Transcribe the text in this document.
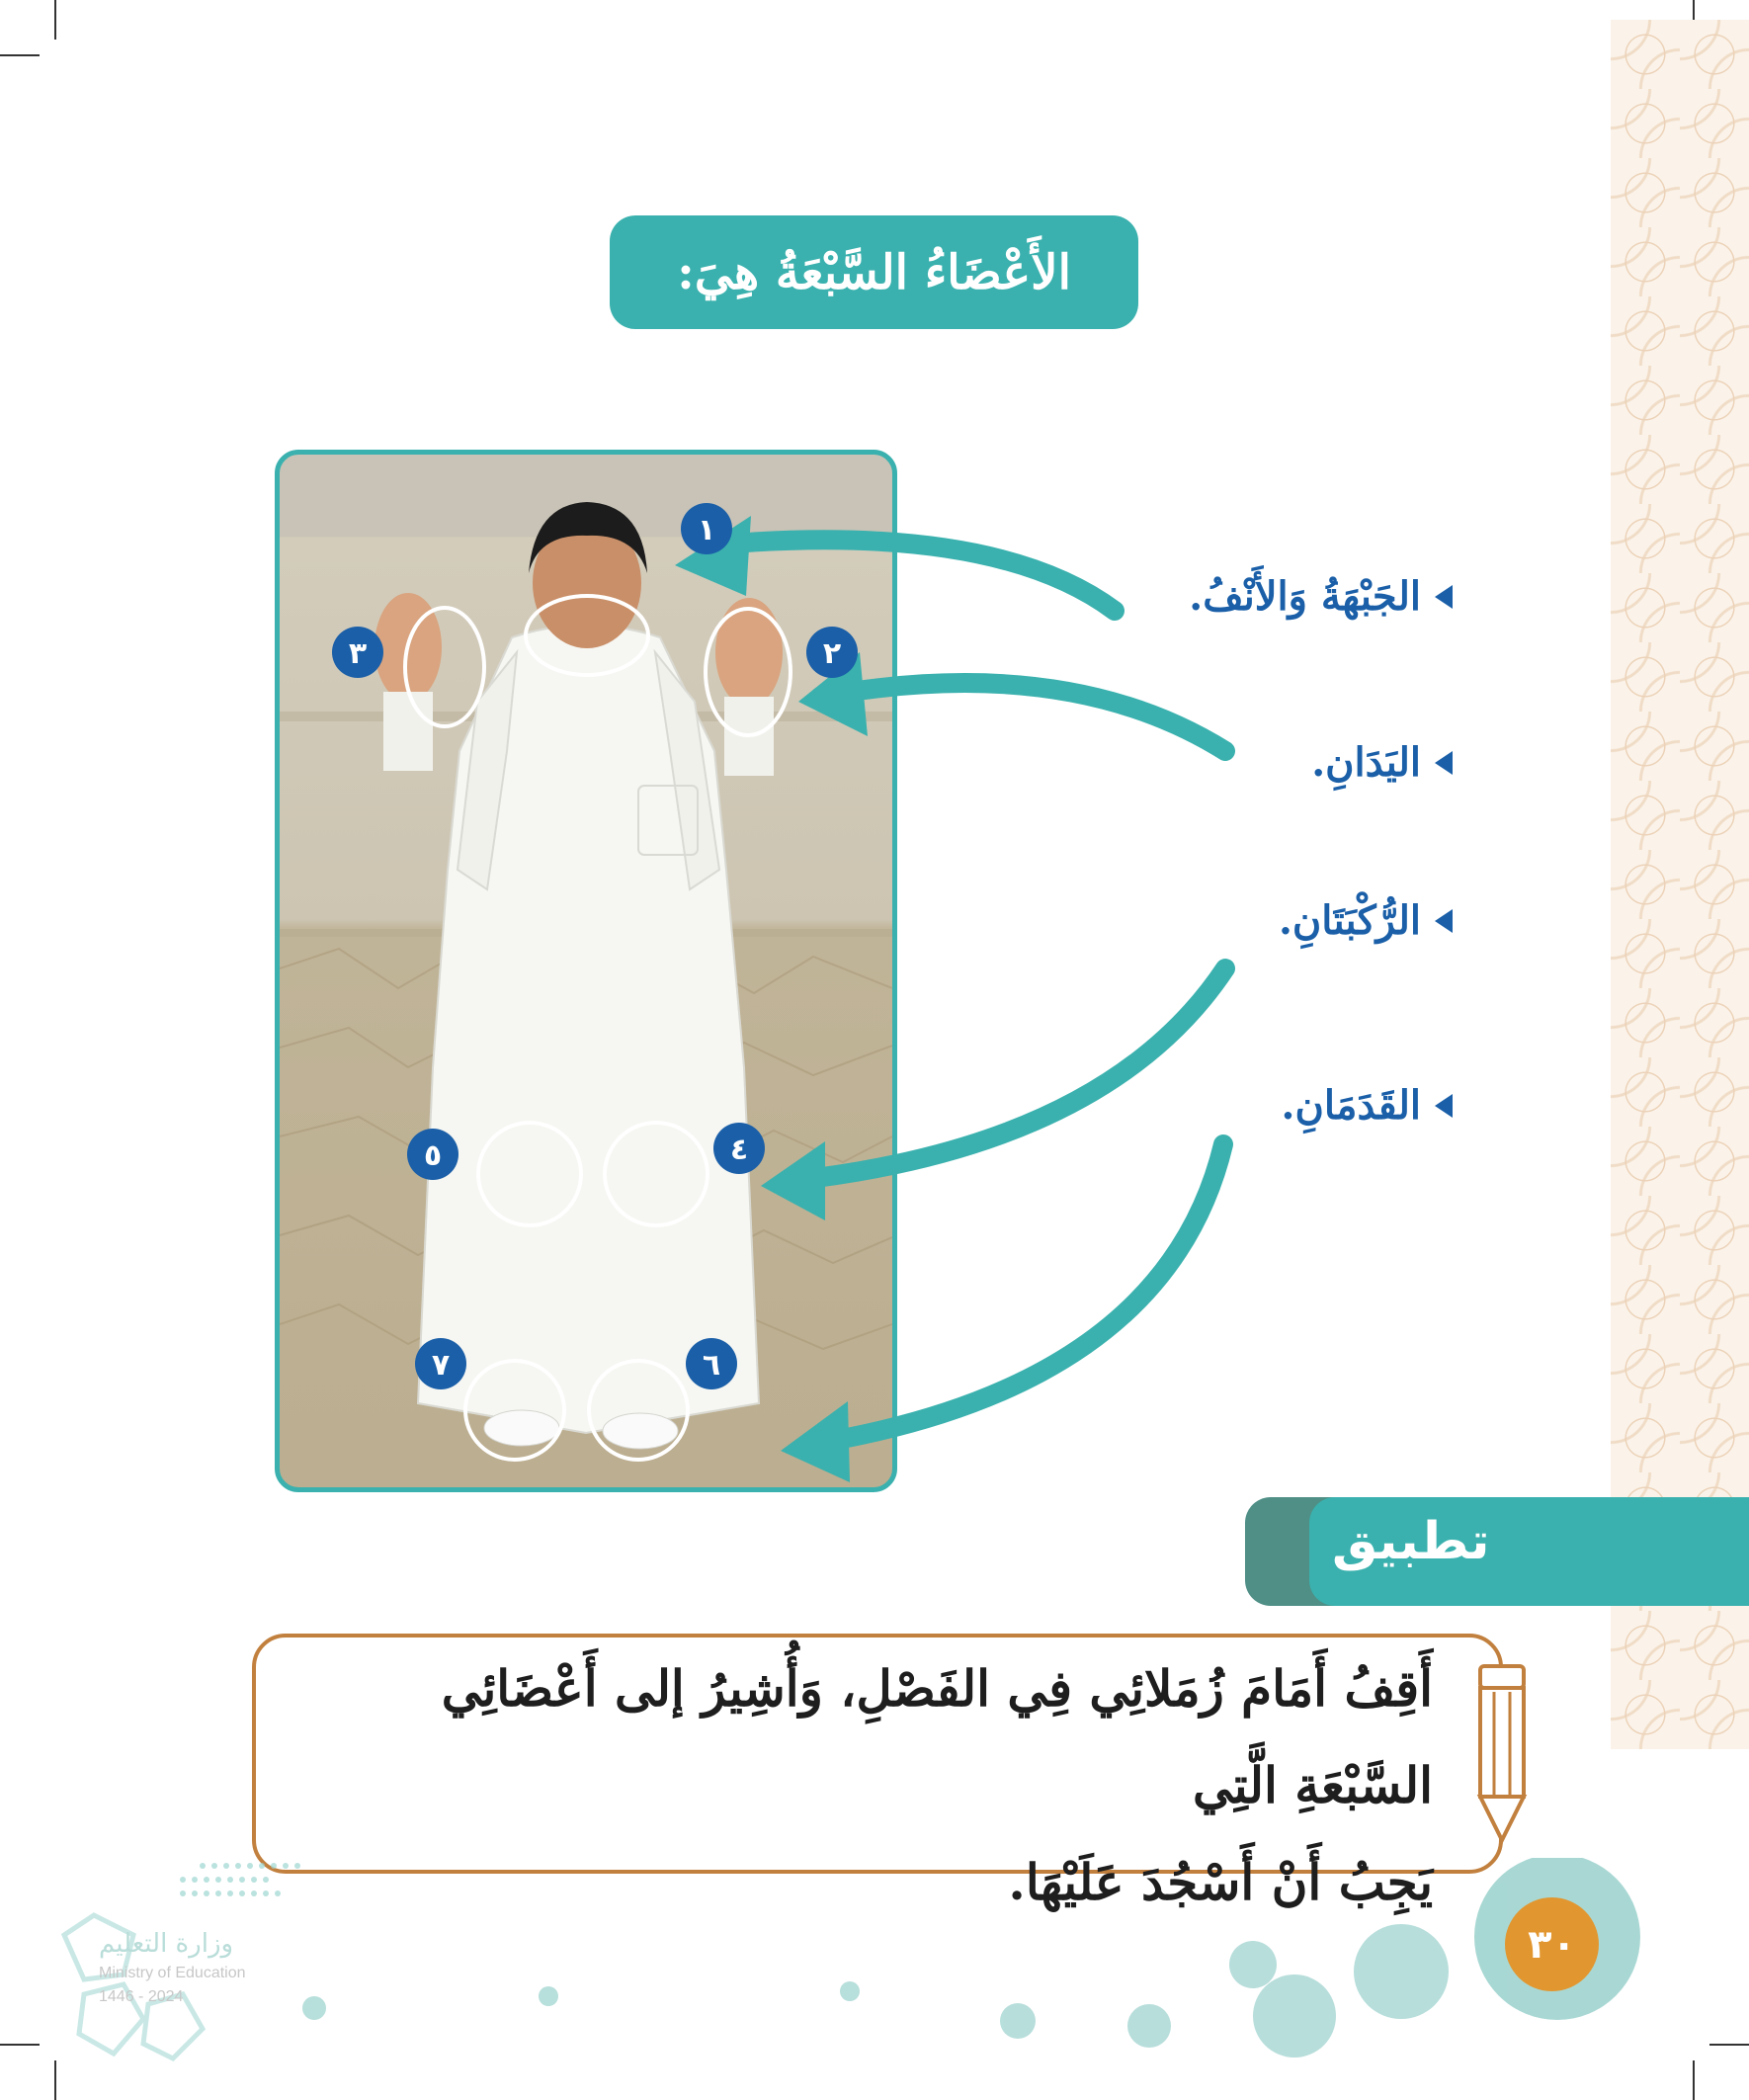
الأَعْضَاءُ السَّبْعَةُ هِيَ:
١
٢
٣
٤
٥
٦
٧
الجَبْهَةُ وَالأَنْفُ.
اليَدَانِ.
الرُّكْبَتَانِ.
القَدَمَانِ.
تطبيق
أَقِفُ أَمَامَ زُمَلائِي فِي الفَصْلِ، وَأُشِيرُ إلى أَعْضَائِي السَّبْعَةِ الَّتِي
يَجِبُ أَنْ أَسْجُدَ عَلَيْهَا.
٣٠
وزارة التعليم
Ministry of Education
2024 - 1446
